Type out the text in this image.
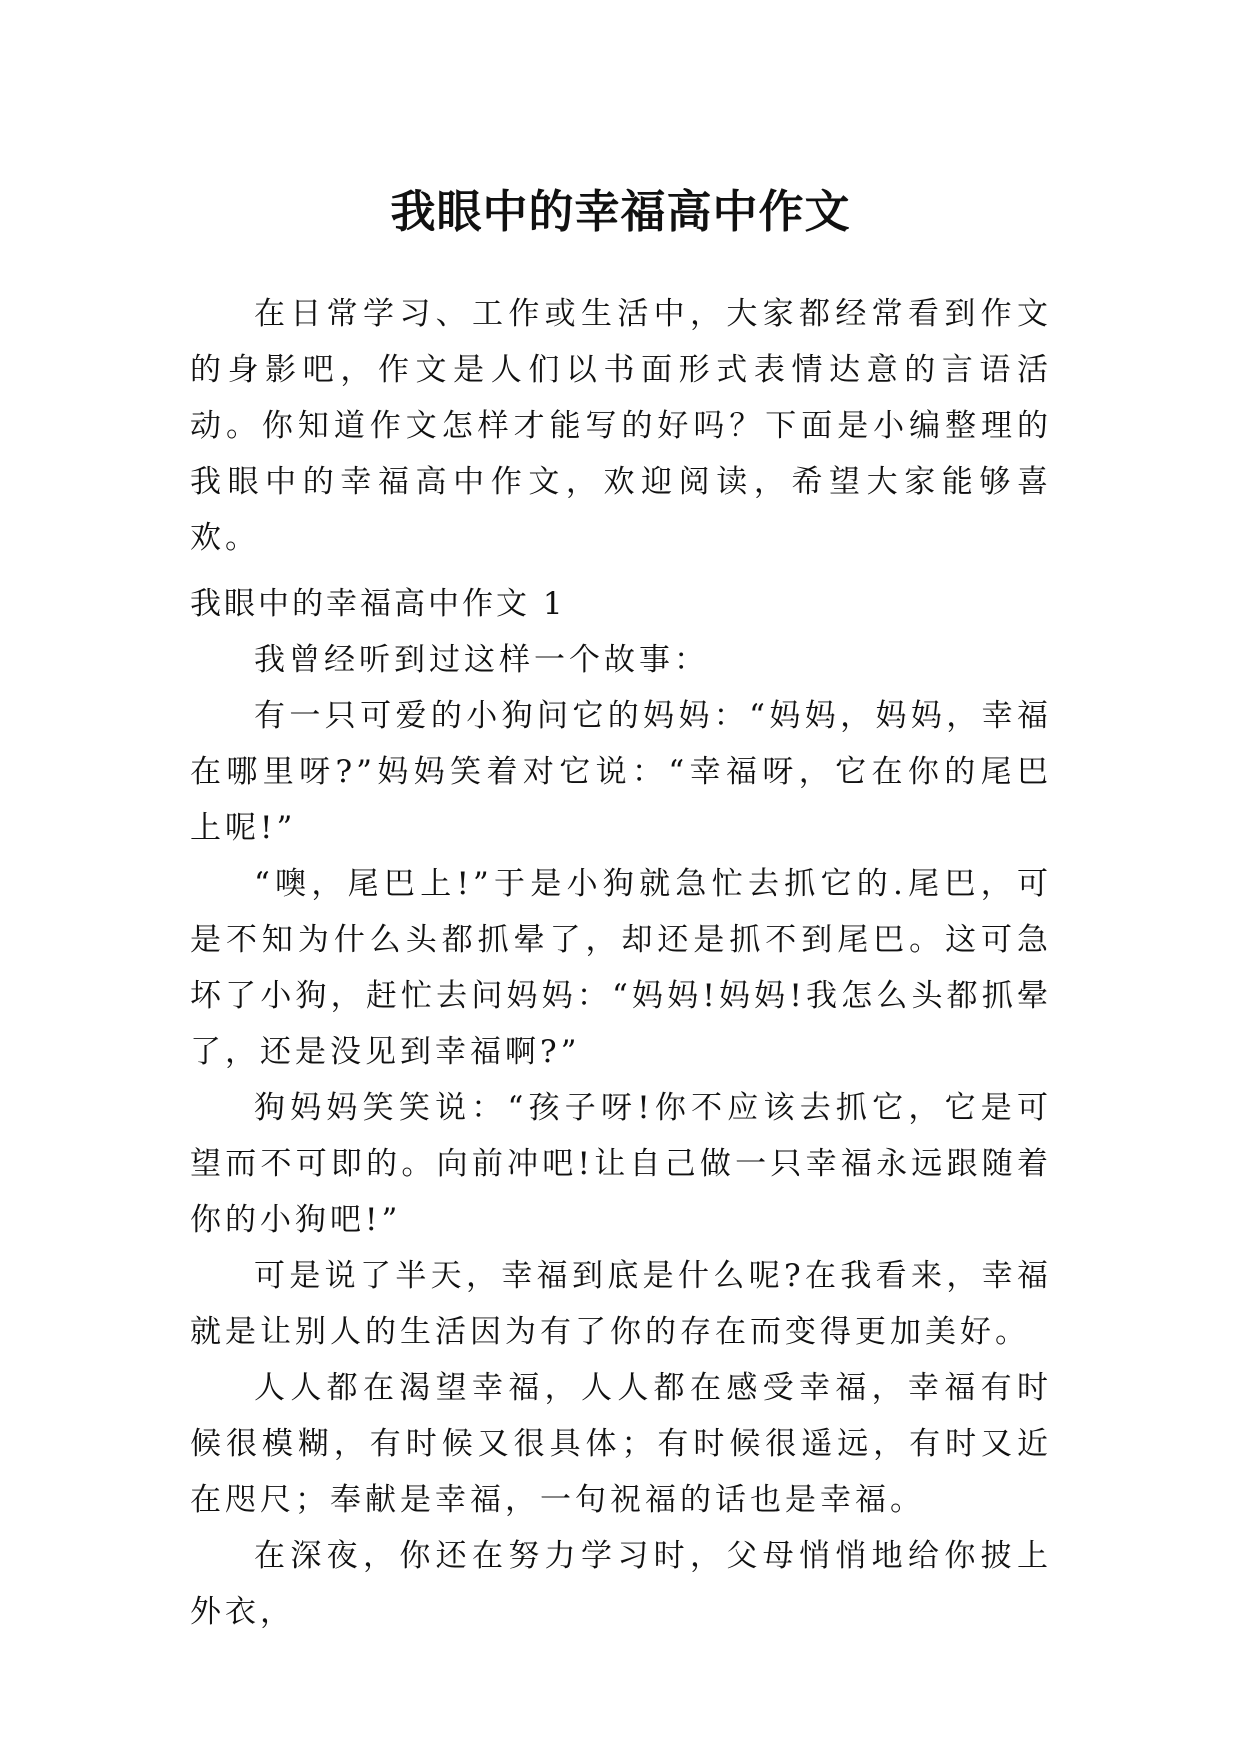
我眼中的幸福高中作文

在日常学习、工作或生活中，大家都经常看到作文的身影吧，作文是人们以书面形式表情达意的言语活动。你知道作文怎样才能写的好吗？下面是小编整理的我眼中的幸福高中作文，欢迎阅读，希望大家能够喜欢。

我眼中的幸福高中作文 1

我曾经听到过这样一个故事：

有一只可爱的小狗问它的妈妈：“妈妈，妈妈，幸福在哪里呀?”妈妈笑着对它说：“幸福呀，它在你的尾巴上呢!”

“噢，尾巴上!”于是小狗就急忙去抓它的.尾巴，可是不知为什么头都抓晕了，却还是抓不到尾巴。这可急坏了小狗，赶忙去问妈妈：“妈妈!妈妈!我怎么头都抓晕了，还是没见到幸福啊?”

狗妈妈笑笑说：“孩子呀!你不应该去抓它，它是可望而不可即的。向前冲吧!让自己做一只幸福永远跟随着你的小狗吧!”

可是说了半天，幸福到底是什么呢?在我看来，幸福就是让别人的生活因为有了你的存在而变得更加美好。

人人都在渴望幸福，人人都在感受幸福，幸福有时候很模糊，有时候又很具体；有时候很遥远，有时又近在咫尺；奉献是幸福，一句祝福的话也是幸福。

在深夜，你还在努力学习时，父母悄悄地给你披上外衣，
